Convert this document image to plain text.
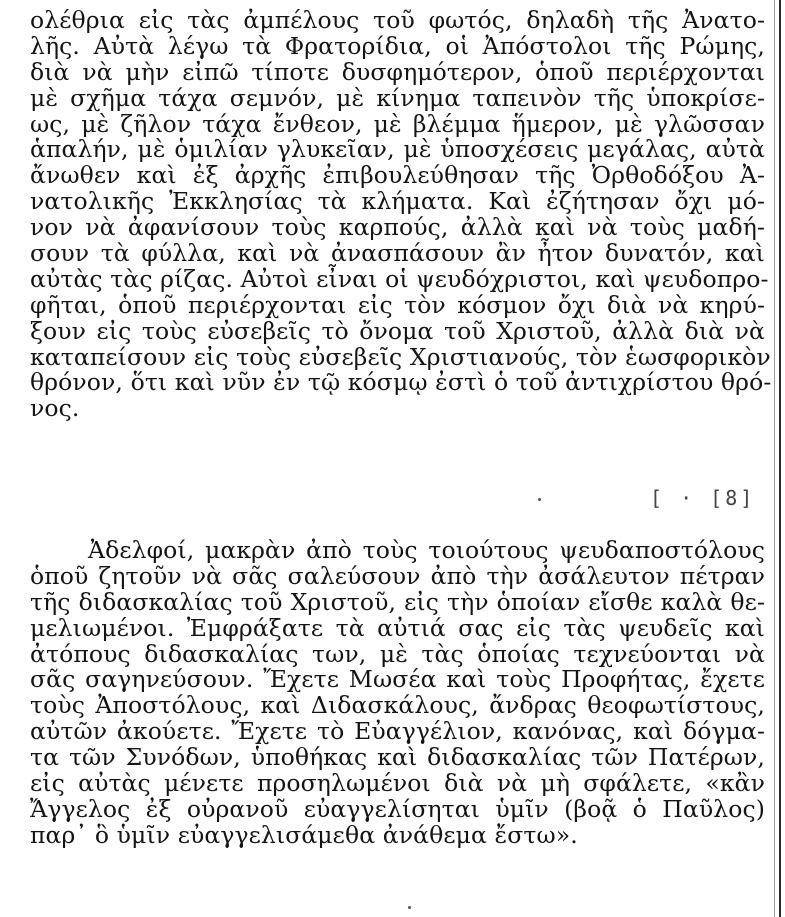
ολέθρια εἰς τὰς ἀμπέλους τοῦ φωτός, δηλαδὴ τῆς Ἀνατο-
λῆς. Αὐτὰ λέγω τὰ Φρατορίδια, οἱ Ἀπόστολοι τῆς Ρώμης,
διὰ νὰ μὴν εἰπῶ τίποτε δυσφημότερον, ὁποῦ περιέρχονται
μὲ σχῆμα τάχα σεμνόν, μὲ κίνημα ταπεινὸν τῆς ὑποκρίσε-
ως, μὲ ζῆλον τάχα ἔνθεον, μὲ βλέμμα ἥμερον, μὲ γλῶσσαν
ἁπαλήν, μὲ ὁμιλίαν γλυκεῖαν, μὲ ὑποσχέσεις μεγάλας, αὐτὰ
ἄνωθεν καὶ ἐξ ἀρχῆς ἐπιβουλεύθησαν τῆς Ὀρθοδόξου Ἀ-
νατολικῆς Ἐκκλησίας τὰ κλήματα. Καὶ ἐζήτησαν ὄχι μό-
νον νὰ ἀφανίσουν τοὺς καρπούς, ἀλλὰ καὶ νὰ τοὺς μαδή-
σουν τὰ φύλλα, καὶ νὰ ἀνασπάσουν ἂν ἦτον δυνατόν, καὶ
αὐτὰς τὰς ρίζας. Αὐτοὶ εἶναι οἱ ψευδόχριστοι, καὶ ψευδοπρο-
φῆται, ὁποῦ περιέρχονται εἰς τὸν κόσμον ὄχι διὰ νὰ κηρύ-
ξουν εἰς τοὺς εὐσεβεῖς τὸ ὄνομα τοῦ Χριστοῦ, ἀλλὰ διὰ νὰ
καταπείσουν εἰς τοὺς εὐσεβεῖς Χριστιανούς, τὸν ἑωσφορικὸν
θρόνον, ὅτι καὶ νῦν ἐν τῷ κόσμῳ ἐστὶ ὁ τοῦ ἀντιχρίστου θρό-
νος.
[ · [8]
Ἀδελφοί, μακρὰν ἀπὸ τοὺς τοιούτους ψευδαποστόλους
ὁποῦ ζητοῦν νὰ σᾶς σαλεύσουν ἀπὸ τὴν ἀσάλευτον πέτραν
τῆς διδασκαλίας τοῦ Χριστοῦ, εἰς τὴν ὁποίαν εἴσθε καλὰ θε-
μελιωμένοι. Ἐμφράξατε τὰ αὐτιά σας εἰς τὰς ψευδεῖς καὶ
ἀτόπους διδασκαλίας των, μὲ τὰς ὁποίας τεχνεύονται νὰ
σᾶς σαγηνεύσουν. Ἔχετε Μωσέα καὶ τοὺς Προφήτας, ἔχετε
τοὺς Ἀποστόλους, καὶ Διδασκάλους, ἄνδρας θεοφωτίστους,
αὐτῶν ἀκούετε. Ἔχετε τὸ Εὐαγγέλιον, κανόνας, καὶ δόγμα-
τα τῶν Συνόδων, ὑποθήκας καὶ διδασκαλίας τῶν Πατέρων,
εἰς αὐτὰς μένετε προσηλωμένοι διὰ νὰ μὴ σφάλετε, «κἂν
Ἄγγελος ἐξ οὐρανοῦ εὐαγγελίσηται ὑμῖν (βοᾷ ὁ Παῦλος)
παρ᾽ ὃ ὑμῖν εὐαγγελισάμεθα ἀνάθεμα ἔστω».
